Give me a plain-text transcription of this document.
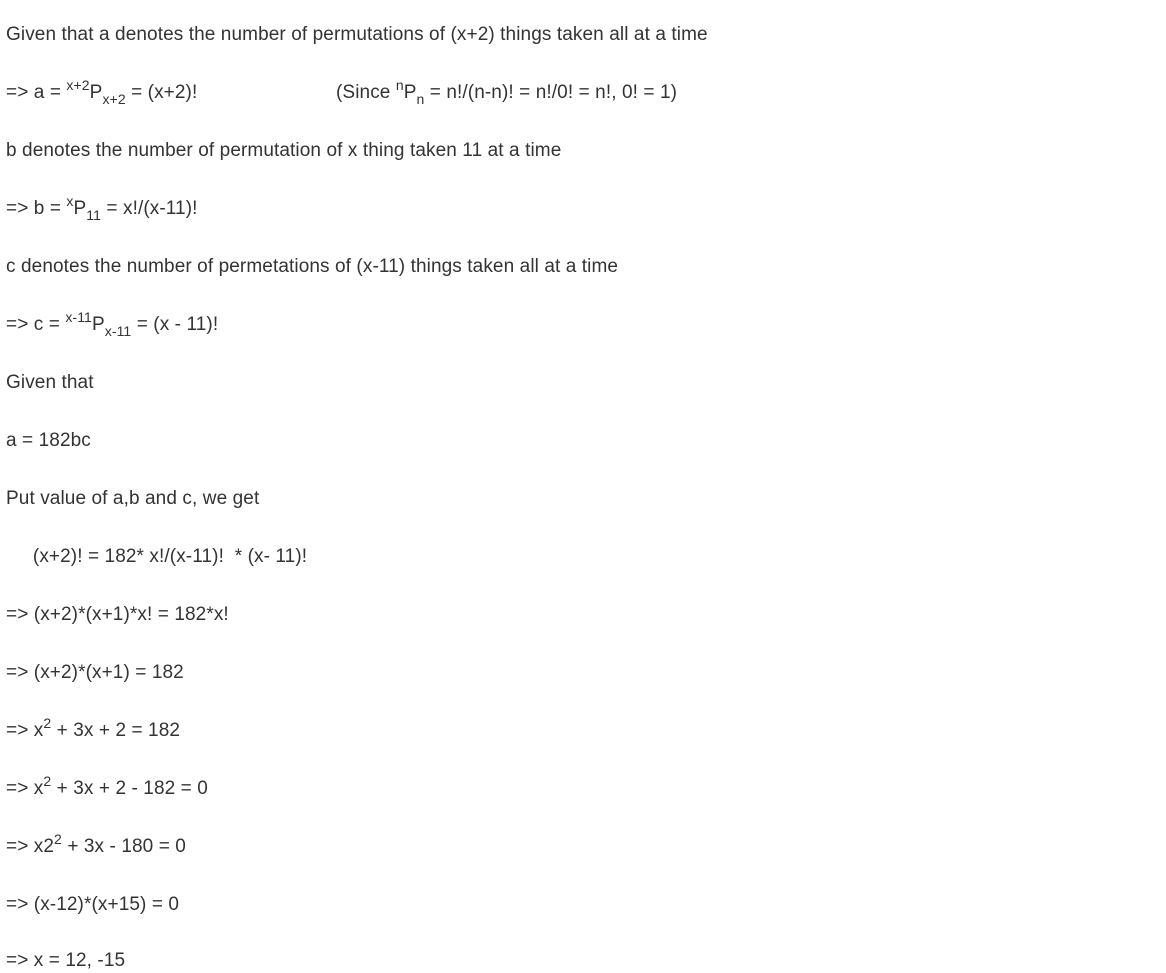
Given that a denotes the number of permutations of (x+2) things taken all at a time
=> $a = ^{x+2}P_{x+2} = (x+2)$!	(Since $^nP_n = n!/(n-n)$! = n!/0! = n!, 0! = 1)
b denotes the number of permutation of x thing taken 11 at a time
=> $b = ^xP_{11} = x!/(x-11)$!
c denotes the number of permetations of (x-11) things taken all at a time
=> $c = ^{x-11}P_{x-11} = (x - 11)$!
Given that
a = 182bc
Put value of a,b and c, we get
(x+2)! = 182* x!/(x-11)!  * (x- 11)!
=> (x+2)*(x+1)*x! = 182*x!
=> (x+2)*(x+1) = 182
=> $x^2 + 3x + 2 = 182$
=> $x^2 + 3x + 2 - 182 = 0$
=> $x2^2 + 3x - 180 = 0$
=> (x-12)*(x+15) = 0
=> x = 12, -15
